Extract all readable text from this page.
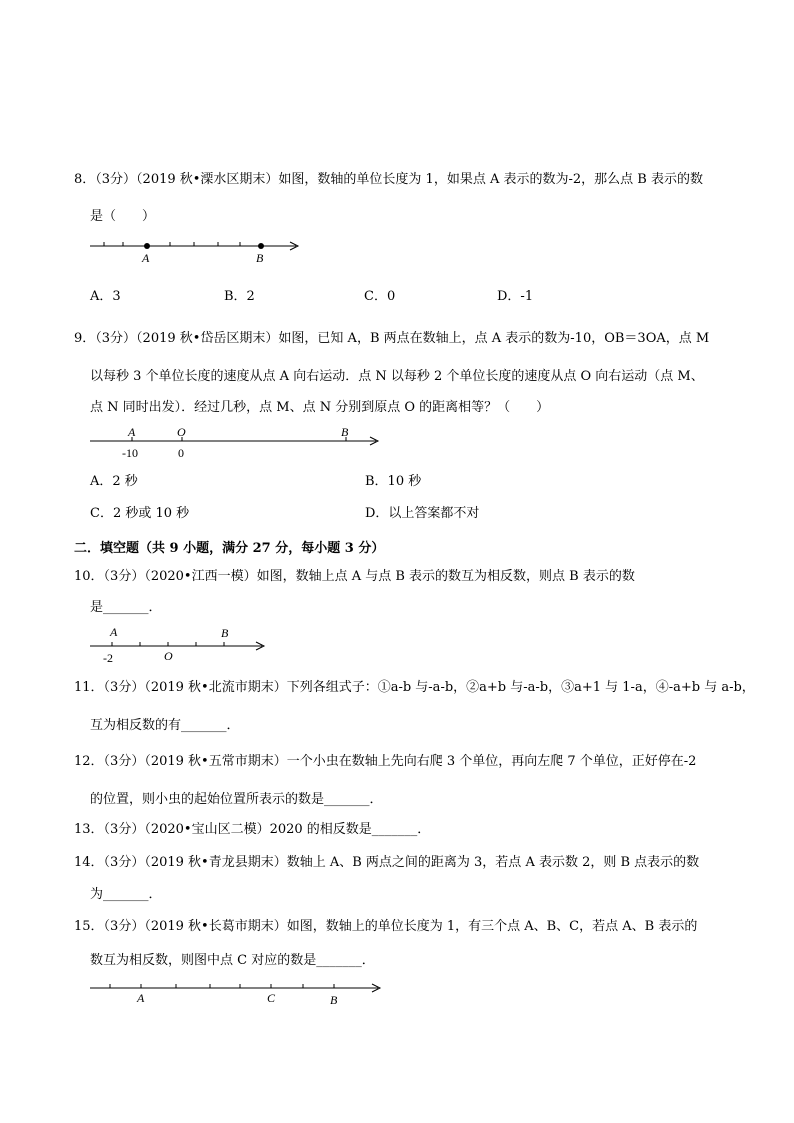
8．（3分）（2019 秋•溧水区期末）如图，数轴的单位长度为 1，如果点 A 表示的数为-2，那么点 B 表示的数
是（　　）
A	B
A．3	B．2	C．0	D．-1
9．（3分）（2019 秋•岱岳区期末）如图，已知 A，B 两点在数轴上，点 A 表示的数为-10，OB＝3OA，点 M
以每秒 3 个单位长度的速度从点 A 向右运动．点 N 以每秒 2 个单位长度的速度从点 O 向右运动（点 M、
点 N 同时出发）．经过几秒，点 M、点 N 分别到原点 O 的距离相等？（　　）
A	O	B
-10	0
A．2 秒	B．10 秒
C．2 秒或 10 秒	D．以上答案都不对
二．填空题（共 9 小题，满分 27 分，每小题 3 分）
10．（3分）（2020•江西一模）如图，数轴上点 A 与点 B 表示的数互为相反数，则点 B 表示的数
是_______．
A	B
O
-2
11．（3分）（2019 秋•北流市期末）下列各组式子：①a-b 与-a-b，②a+b 与-a-b，③a+1 与 1-a，④-a+b 与 a-b，
互为相反数的有_______．
12．（3分）（2019 秋•五常市期末）一个小虫在数轴上先向右爬 3 个单位，再向左爬 7 个单位，正好停在-2
的位置，则小虫的起始位置所表示的数是_______．
13．（3分）（2020•宝山区二模）2020 的相反数是_______．
14．（3分）（2019 秋•青龙县期末）数轴上 A、B 两点之间的距离为 3，若点 A 表示数 2，则 B 点表示的数
为_______．
15．（3分）（2019 秋•长葛市期末）如图，数轴上的单位长度为 1，有三个点 A、B、C，若点 A、B 表示的
数互为相反数，则图中点 C 对应的数是_______．
A	C	B
